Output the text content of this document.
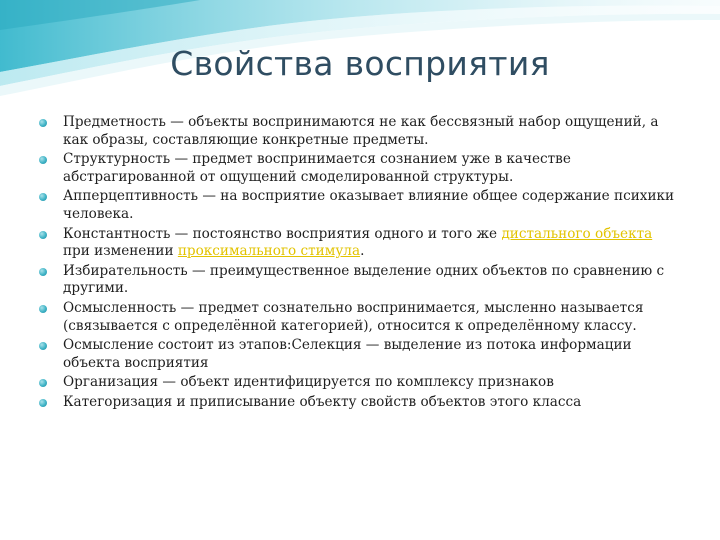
Свойства восприятия
Предметность — объекты воспринимаются не как бессвязный набор ощущений, а как образы, составляющие конкретные предметы.
Структурность — предмет воспринимается сознанием уже в качестве абстрагированной от ощущений смоделированной структуры.
Апперцептивность — на восприятие оказывает влияние общее содержание психики человека.
Константность — постоянство восприятия одного и того же дистального объекта при изменении проксимального стимула.
Избирательность — преимущественное выделение одних объектов по сравнению с другими.
Осмысленность — предмет сознательно воспринимается, мысленно называется (связывается с определённой категорией), относится к определённому классу.
Осмысление состоит из этапов:Селекция — выделение из потока информации объекта восприятия
Организация — объект идентифицируется по комплексу признаков
Категоризация и приписывание объекту свойств объектов этого класса
